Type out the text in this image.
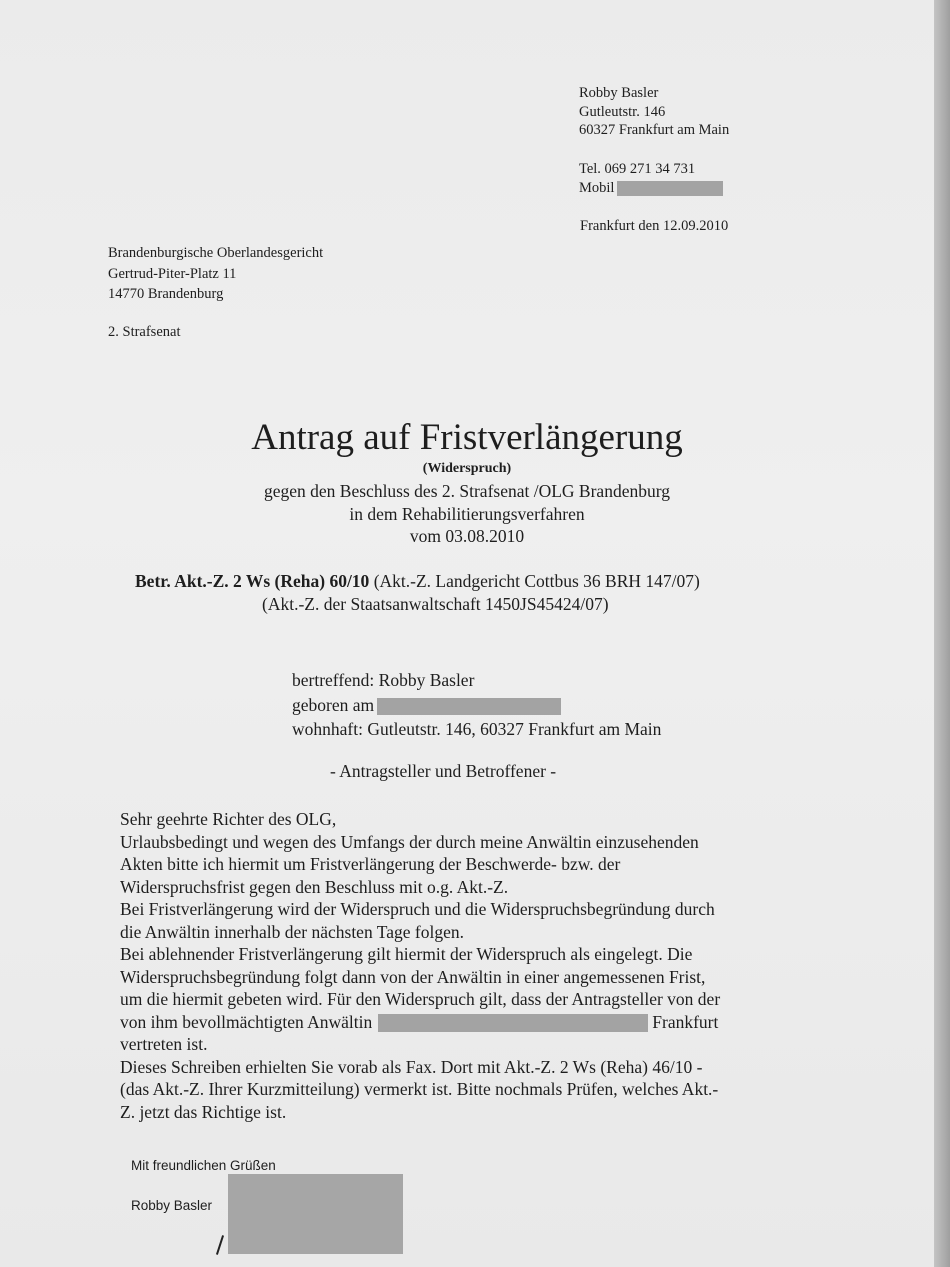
Robby Basler
Gutleutstr. 146
60327 Frankfurt am Main
Tel. 069 271 34 731
Mobil
Frankfurt den 12.09.2010
Brandenburgische Oberlandesgericht
Gertrud-Piter-Platz 11
14770 Brandenburg
2. Strafsenat
Antrag auf Fristverlängerung
(Widerspruch)
gegen den Beschluss des 2. Strafsenat /OLG Brandenburg
in dem Rehabilitierungsverfahren
vom 03.08.2010
Betr. Akt.-Z. 2 Ws (Reha) 60/10 (Akt.-Z. Landgericht Cottbus 36 BRH 147/07)
(Akt.-Z. der Staatsanwaltschaft 1450JS45424/07)
bertreffend: Robby Basler
geboren am
wohnhaft: Gutleutstr. 146, 60327 Frankfurt am Main
- Antragsteller und Betroffener -
Sehr geehrte Richter des OLG,
Urlaubsbedingt und wegen des Umfangs der durch meine Anwältin einzusehenden
Akten bitte ich hiermit um Fristverlängerung der Beschwerde- bzw. der
Widerspruchsfrist gegen den Beschluss mit o.g. Akt.-Z.
Bei Fristverlängerung wird der Widerspruch und die Widerspruchsbegründung durch
die Anwältin innerhalb der nächsten Tage folgen.
Bei ablehnender Fristverlängerung gilt hiermit der Widerspruch als eingelegt. Die
Widerspruchsbegründung folgt dann von der Anwältin in einer angemessenen Frist,
um die hiermit gebeten wird. Für den Widerspruch gilt, dass der Antragsteller von der
von ihm bevollmächtigten Anwältin	Frankfurt
vertreten ist.
Dieses Schreiben erhielten Sie vorab als Fax. Dort mit Akt.-Z. 2 Ws (Reha) 46/10 -
(das Akt.-Z. Ihrer Kurzmitteilung) vermerkt ist. Bitte nochmals Prüfen, welches Akt.-
Z. jetzt das Richtige ist.
Mit freundlichen Grüßen
Robby Basler
